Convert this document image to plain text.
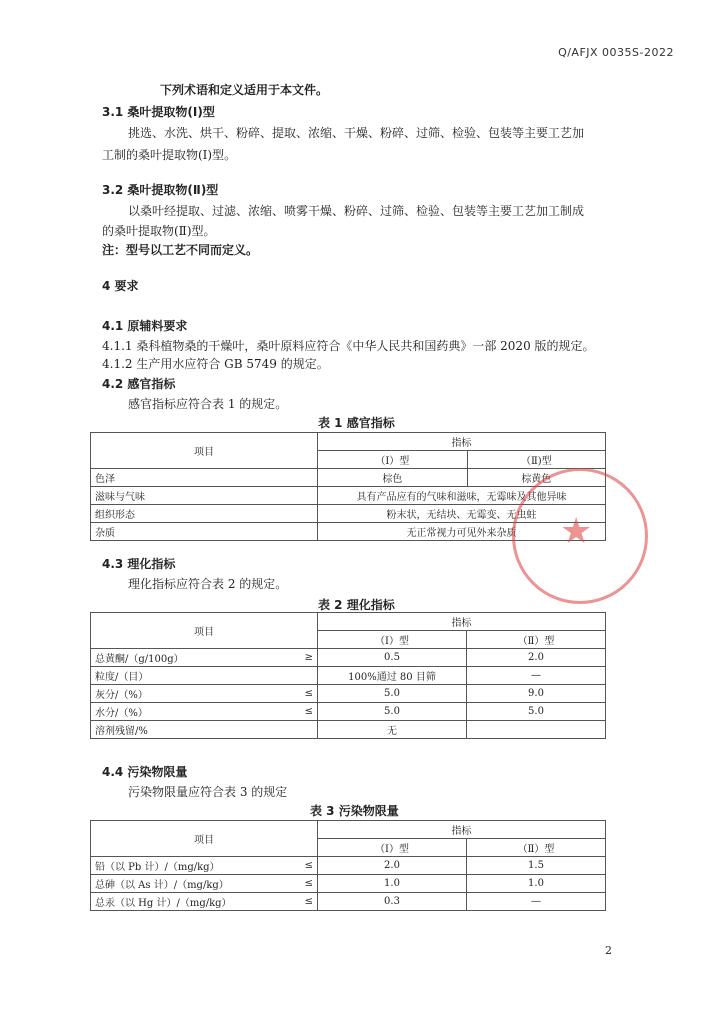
Q/AFJX 0035S-2022
下列术语和定义适用于本文件。
3.1 桑叶提取物(Ⅰ)型
挑选、水洗、烘干、粉碎、提取、浓缩、干燥、粉碎、过筛、检验、包装等主要工艺加
工制的桑叶提取物(Ⅰ)型。
3.2 桑叶提取物(Ⅱ)型
以桑叶经提取、过滤、浓缩、喷雾干燥、粉碎、过筛、检验、包装等主要工艺加工制成
的桑叶提取物(Ⅱ)型。
注：型号以工艺不同而定义。
4 要求
4.1 原辅料要求
4.1.1 桑科植物桑的干燥叶，桑叶原料应符合《中华人民共和国药典》一部 2020 版的规定。
4.1.2 生产用水应符合 GB 5749 的规定。
4.2 感官指标
感官指标应符合表 1 的规定。
表 1 感官指标
项目	指标	
	（Ⅰ）型	（Ⅱ)型
色泽	棕色	棕黄色
滋味与气味	具有产品应有的气味和滋味，无霉味及其他异味	
组织形态	粉末状，无结块、无霉变、无虫蛀	
杂质	无正常视力可见外来杂质	
4.3 理化指标
理化指标应符合表 2 的规定。
表 2 理化指标
项目		指标	
		（Ⅰ）型	（Ⅱ）型
总黄酮/（g/100g）	≥	0.5	2.0
粒度/（目）		100%通过 80 目筛	—
灰分/（%）	≤	5.0	9.0
水分/（%）	≤	5.0	5.0
溶剂残留/%		无	
4.4 污染物限量
污染物限量应符合表 3 的规定
表 3 污染物限量
项目		指标	
		（Ⅰ）型	（Ⅱ）型
铅（以 Pb 计）/（mg/kg）	≤	2.0	1.5
总砷（以 As 计）/（mg/kg）	≤	1.0	1.0
总汞（以 Hg 计）/（mg/kg）	≤	0.3	—
★
2
